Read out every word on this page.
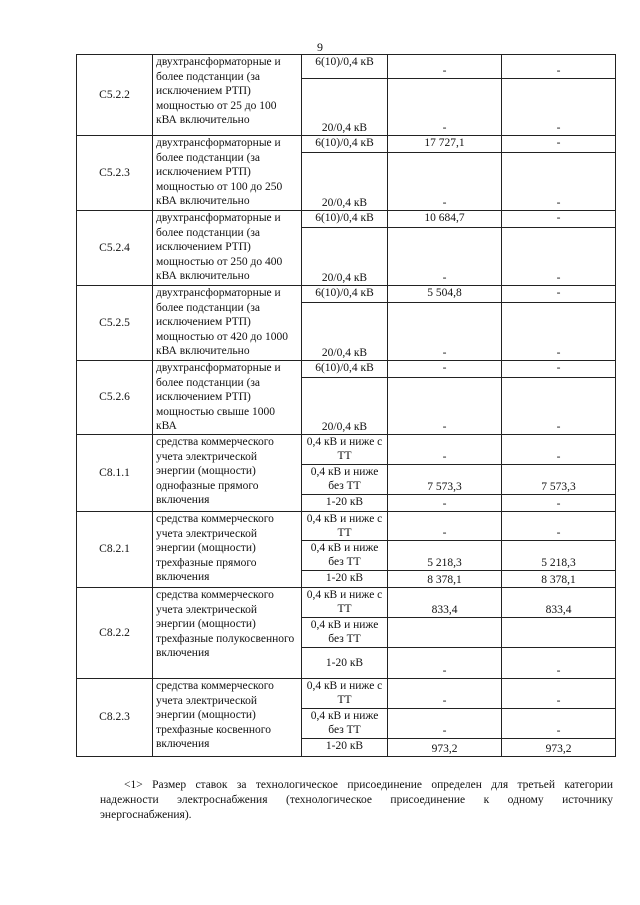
9
С5.2.2	двухтрансформаторные и более подстанции (за исключением РТП) мощностью от 25 до 100 кВА включительно	6(10)/0,4 кВ	-	-
		20/0,4 кВ	-	-
С5.2.3	двухтрансформаторные и более подстанции (за исключением РТП) мощностью от 100 до 250 кВА включительно	6(10)/0,4 кВ	17 727,1	-
		20/0,4 кВ	-	-
С5.2.4	двухтрансформаторные и более подстанции (за исключением РТП) мощностью от 250 до 400 кВА включительно	6(10)/0,4 кВ	10 684,7	-
		20/0,4 кВ	-	-
С5.2.5	двухтрансформаторные и более подстанции (за исключением РТП) мощностью от 420 до 1000 кВА включительно	6(10)/0,4 кВ	5 504,8	-
		20/0,4 кВ	-	-
С5.2.6	двухтрансформаторные и более подстанции (за исключением РТП) мощностью свыше 1000 кВА	6(10)/0,4 кВ	-	-
		20/0,4 кВ	-	-
С8.1.1	средства коммерческого учета электрической энергии (мощности) однофазные прямого включения	0,4 кВ и ниже с ТТ	-	-
		0,4 кВ и ниже без ТТ	7 573,3	7 573,3
		1-20 кВ	-	-
С8.2.1	средства коммерческого учета электрической энергии (мощности) трехфазные прямого включения	0,4 кВ и ниже с ТТ	-	-
		0,4 кВ и ниже без ТТ	5 218,3	5 218,3
		1-20 кВ	8 378,1	8 378,1
С8.2.2	средства коммерческого учета электрической энергии (мощности) трехфазные полукосвенного включения	0,4 кВ и ниже с ТТ	833,4	833,4
		0,4 кВ и ниже без ТТ		
		1-20 кВ	-	-
С8.2.3	средства коммерческого учета электрической энергии (мощности) трехфазные косвенного включения	0,4 кВ и ниже с ТТ	-	-
		0,4 кВ и ниже без ТТ	-	-
		1-20 кВ	973,2	973,2
<1> Размер ставок за технологическое присоединение определен для третьей категории надежности электроснабжения (технологическое присоединение к одному источнику энергоснабжения).
